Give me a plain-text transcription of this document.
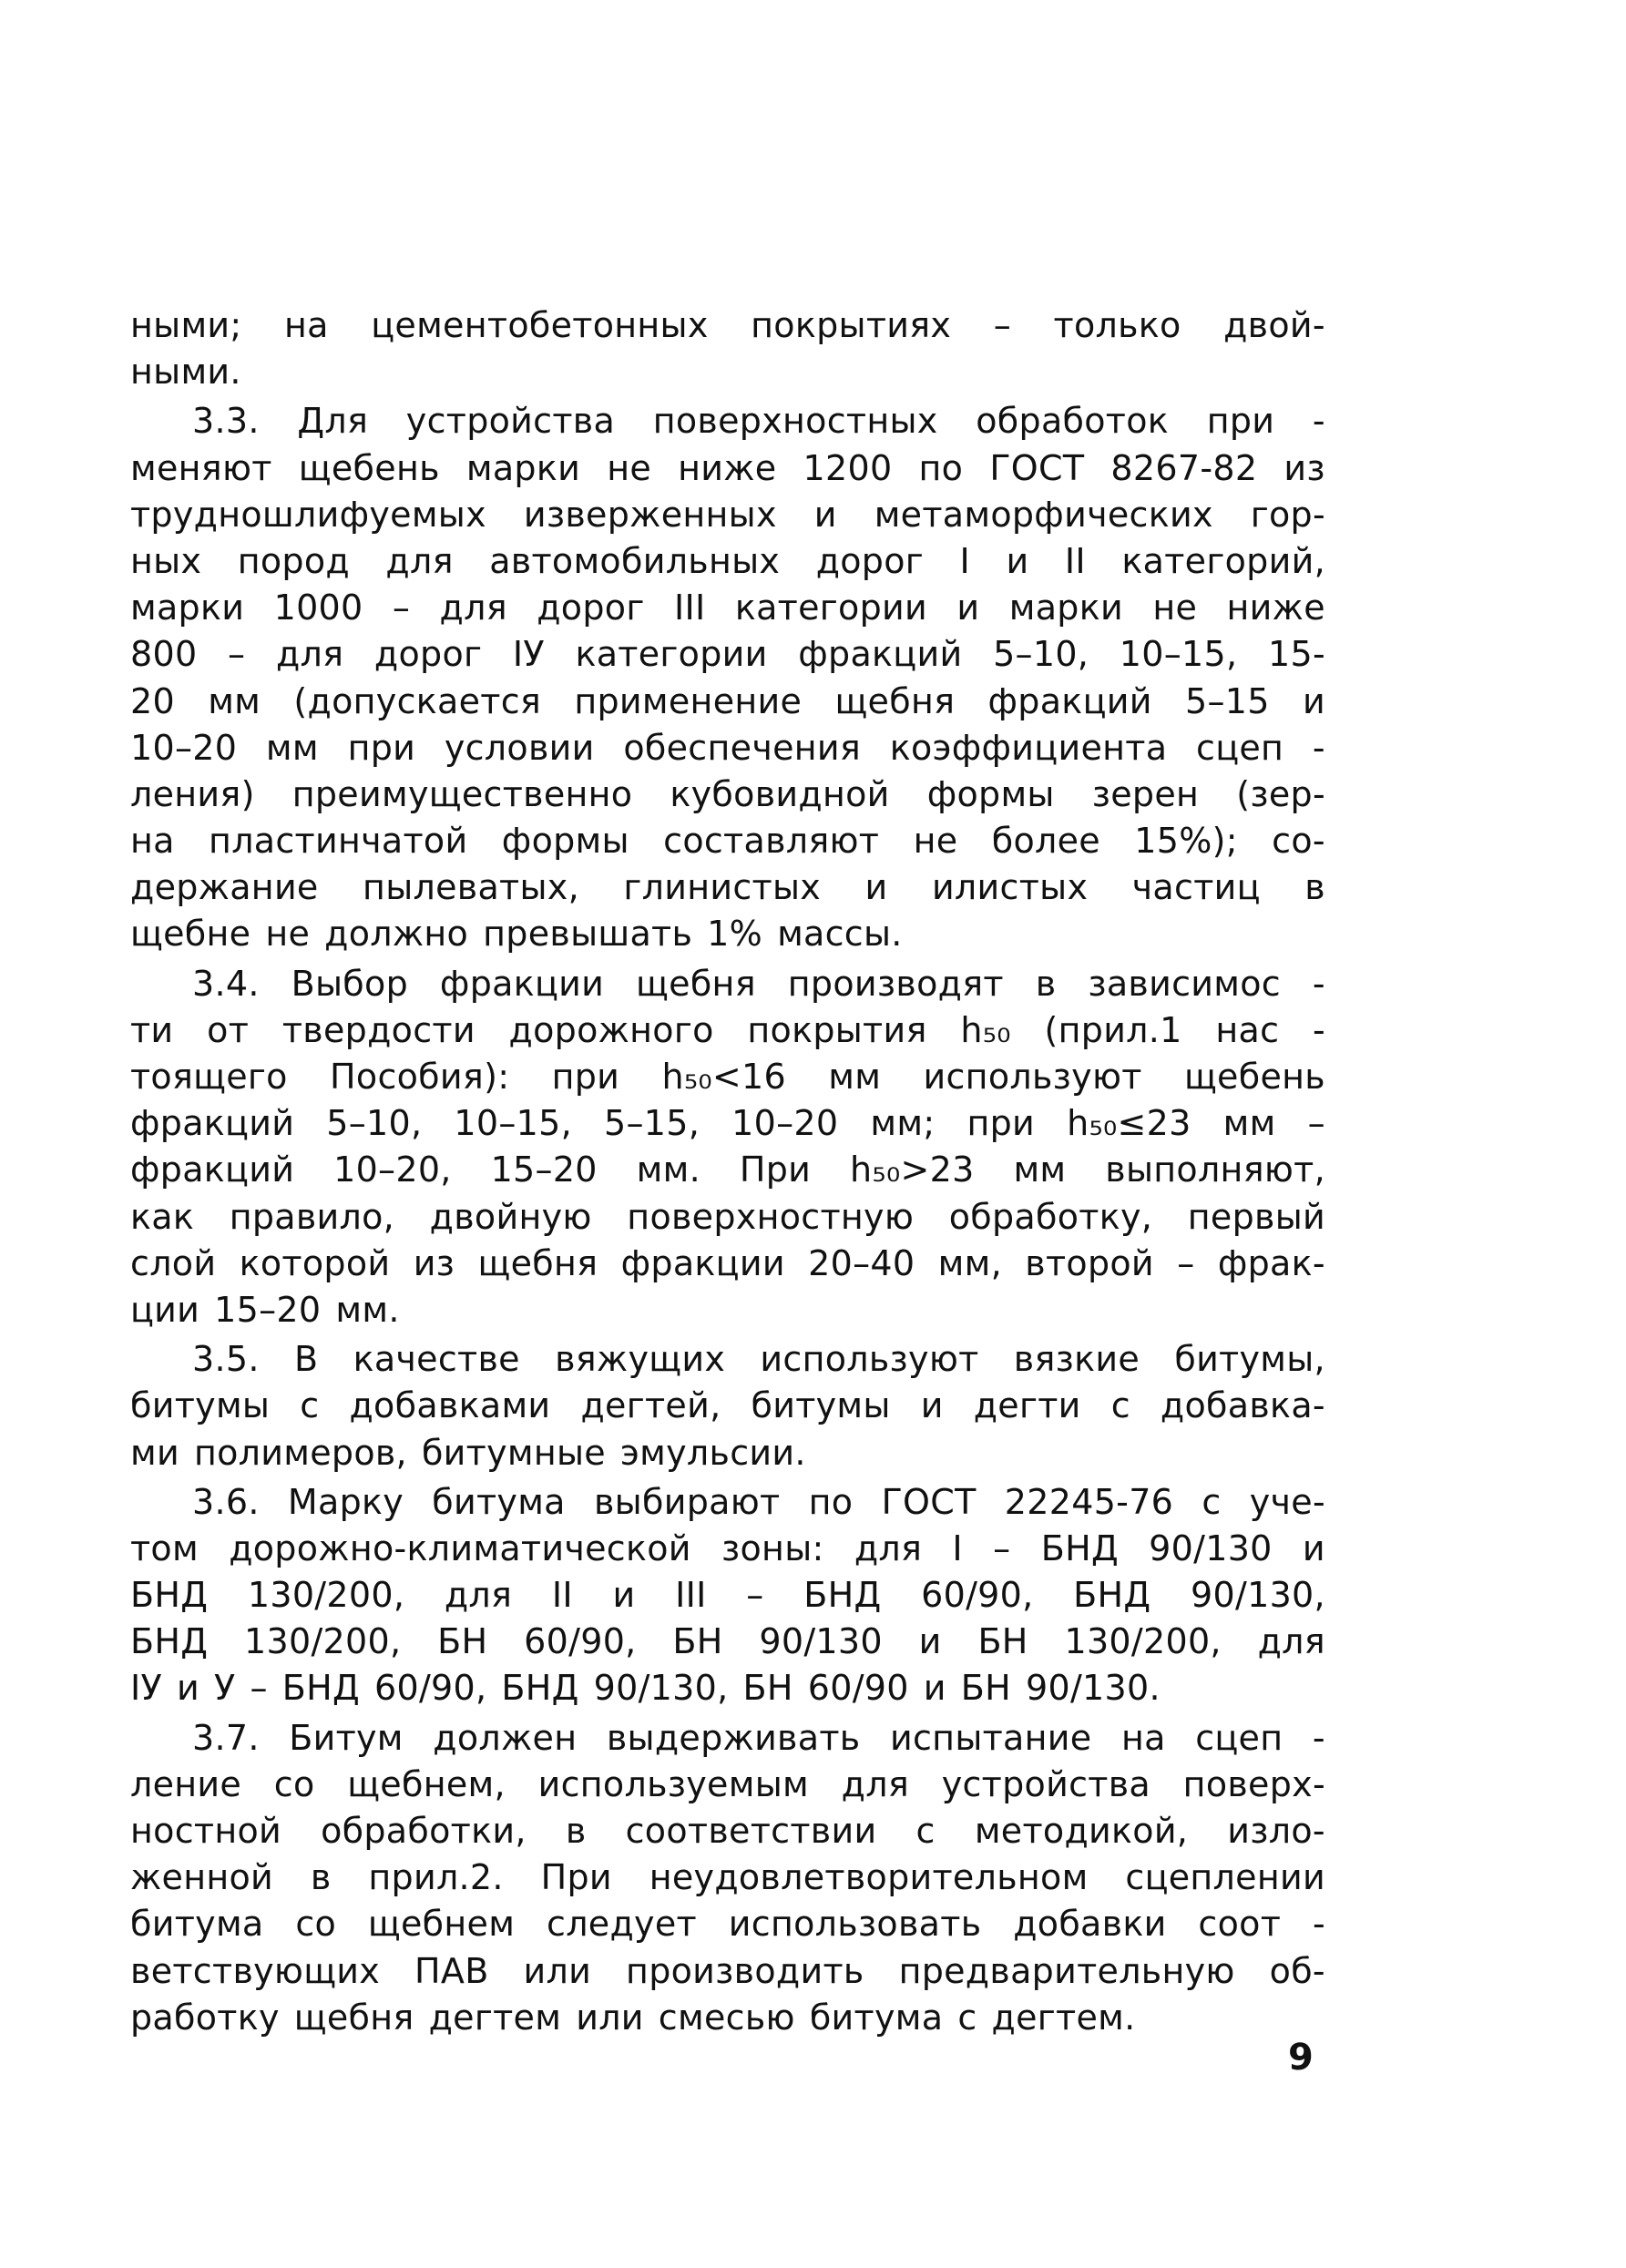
ными; на цементобетонных покрытиях – только двой-
ными.
3.3. Для устройства поверхностных обработок при -
меняют щебень марки не ниже 1200 по ГОСТ 8267-82 из
трудношлифуемых изверженных и метаморфических гор-
ных пород для автомобильных дорог I и II категорий,
марки 1000 – для дорог III категории и марки не ниже
800 – для дорог IУ категории фракций 5–10, 10–15, 15-
20 мм (допускается применение щебня фракций 5–15 и
10–20 мм при условии обеспечения коэффициента сцеп -
ления) преимущественно кубовидной формы зерен (зер-
на пластинчатой формы составляют не более 15%); со-
держание пылеватых, глинистых и илистых частиц в
щебне не должно превышать 1% массы.
3.4. Выбор фракции щебня производят в зависимос -
ти от твердости дорожного покрытия h₅₀ (прил.1 нас -
тоящего Пособия): при h₅₀<16 мм используют щебень
фракций 5–10, 10–15, 5–15, 10–20 мм; при h₅₀≤23 мм –
фракций 10–20, 15–20 мм. При h₅₀>23 мм выполняют,
как правило, двойную поверхностную обработку, первый
слой которой из щебня фракции 20–40 мм, второй – фрак-
ции 15–20 мм.
3.5. В качестве вяжущих используют вязкие битумы,
битумы с добавками дегтей, битумы и дегти с добавка-
ми полимеров, битумные эмульсии.
3.6. Марку битума выбирают по ГОСТ 22245-76 с уче-
том дорожно-климатической зоны: для I – БНД 90/130 и
БНД 130/200, для II и III – БНД 60/90, БНД 90/130,
БНД 130/200, БН 60/90, БН 90/130 и БН 130/200, для
IУ и У – БНД 60/90, БНД 90/130, БН 60/90 и БН 90/130.
3.7. Битум должен выдерживать испытание на сцеп -
ление со щебнем, используемым для устройства поверх-
ностной обработки, в соответствии с методикой, изло-
женной в прил.2. При неудовлетворительном сцеплении
битума со щебнем следует использовать добавки соот -
ветствующих ПАВ или производить предварительную об-
работку щебня дегтем или смесью битума с дегтем.
9
